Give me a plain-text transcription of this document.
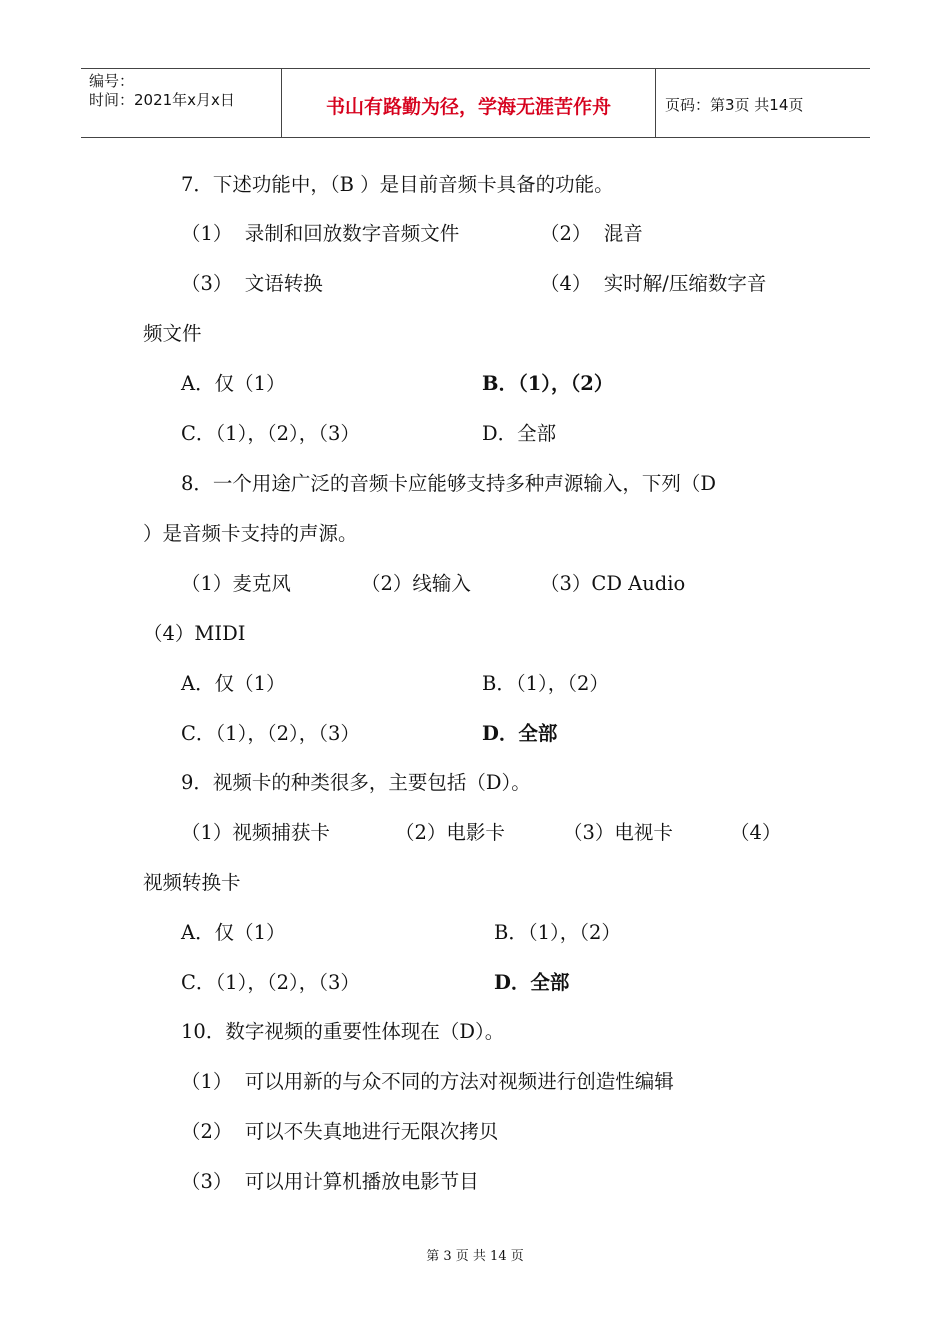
编号：
时间：2021年x月x日	书山有路勤为径，学海无涯苦作舟	页码：第3页 共14页
7．下述功能中，（B ）是目前音频卡具备的功能。
（1）  录制和回放数字音频文件	（2）  混音
（3）  文语转换	（4）  实时解/压缩数字音
频文件
A．仅（1）	B．（1），（2）
C．（1），（2），（3）	D．全部
8．一个用途广泛的音频卡应能够支持多种声源输入，下列（D
）是音频卡支持的声源。
（1）麦克风	（2）线输入	（3）CD Audio
（4）MIDI
A．仅（1）	B．（1），（2）
C．（1），（2），（3）	D．全部
9．视频卡的种类很多，主要包括（D）。
（1）视频捕获卡	（2）电影卡	（3）电视卡	（4）
视频转换卡
A．仅（1）	B．（1），（2）
C．（1），（2），（3）	D．全部
10．数字视频的重要性体现在（D）。
（1）  可以用新的与众不同的方法对视频进行创造性编辑
（2）  可以不失真地进行无限次拷贝
（3）  可以用计算机播放电影节目
第 3 页 共 14 页
